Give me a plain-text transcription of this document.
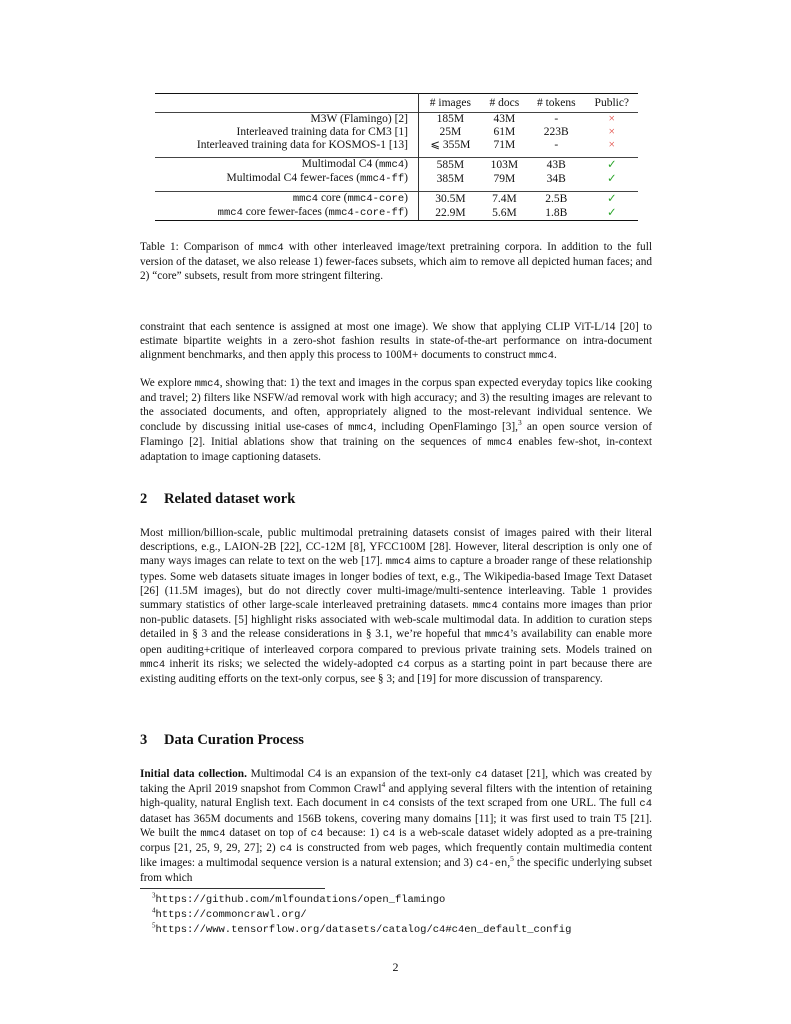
	# images	# docs	# tokens	Public?
M3W (Flamingo) [2]	185M	43M	-	×
Interleaved training data for CM3 [1]	25M	61M	223B	×
Interleaved training data for KOSMOS-1 [13]	⩽ 355M	71M	-	×

Multimodal C4 (mmc4)	585M	103M	43B	✓
Multimodal C4 fewer-faces (mmc4-ff)	385M	79M	34B	✓

mmc4 core (mmc4-core)	30.5M	7.4M	2.5B	✓
mmc4 core fewer-faces (mmc4-core-ff)	22.9M	5.6M	1.8B	✓
Table 1: Comparison of mmc4 with other interleaved image/text pretraining corpora. In addition to the full version of the dataset, we also release 1) fewer-faces subsets, which aim to remove all depicted human faces; and 2) “core” subsets, result from more stringent filtering.

constraint that each sentence is assigned at most one image). We show that applying CLIP ViT-L/14 [20] to estimate bipartite weights in a zero-shot fashion results in state-of-the-art performance on intra-document alignment benchmarks, and then apply this process to 100M+ documents to construct mmc4.

We explore mmc4, showing that: 1) the text and images in the corpus span expected everyday topics like cooking and travel; 2) filters like NSFW/ad removal work with high accuracy; and 3) the resulting images are relevant to the associated documents, and often, appropriately aligned to the most-relevant individual sentence. We conclude by discussing initial use-cases of mmc4, including OpenFlamingo [3],$^3$ an open source version of Flamingo [2]. Initial ablations show that training on the sequences of mmc4 enables few-shot, in-context adaptation to image captioning datasets.

2 Related dataset work

Most million/billion-scale, public multimodal pretraining datasets consist of images paired with their literal descriptions, e.g., LAION-2B [22], CC-12M [8], YFCC100M [28]. However, literal description is only one of many ways images can relate to text on the web [17]. mmc4 aims to capture a broader range of these relationship types. Some web datasets situate images in longer bodies of text, e.g., The Wikipedia-based Image Text Dataset [26] (11.5M images), but do not directly cover multi-image/multi-sentence interleaving. Table 1 provides summary statistics of other large-scale interleaved pretraining datasets. mmc4 contains more images than prior non-public datasets. [5] highlight risks associated with web-scale multimodal data. In addition to curation steps detailed in § 3 and the release considerations in § 3.1, we’re hopeful that mmc4’s availability can enable more open auditing+critique of interleaved corpora compared to previous private training sets. Models trained on mmc4 inherit its risks; we selected the widely-adopted c4 corpus as a starting point in part because there are existing auditing efforts on the text-only corpus, see § 3; and [19] for more discussion of transparency.

3 Data Curation Process

Initial data collection. Multimodal C4 is an expansion of the text-only c4 dataset [21], which was created by taking the April 2019 snapshot from Common Crawl$^4$ and applying several filters with the intention of retaining high-quality, natural English text. Each document in c4 consists of the text scraped from one URL. The full c4 dataset has 365M documents and 156B tokens, covering many domains [11]; it was first used to train T5 [21]. We built the mmc4 dataset on top of c4 because: 1) c4 is a web-scale dataset widely adopted as a pre-training corpus [21, 25, 9, 29, 27]; 2) c4 is constructed from web pages, which frequently contain multimedia content like images: a multimodal sequence version is a natural extension; and 3) c4-en,$^5$ the specific underlying subset from which

$^3$https://github.com/mlfoundations/open_flamingo
$^4$https://commoncrawl.org/
$^5$https://www.tensorflow.org/datasets/catalog/c4#c4en_default_config
2
